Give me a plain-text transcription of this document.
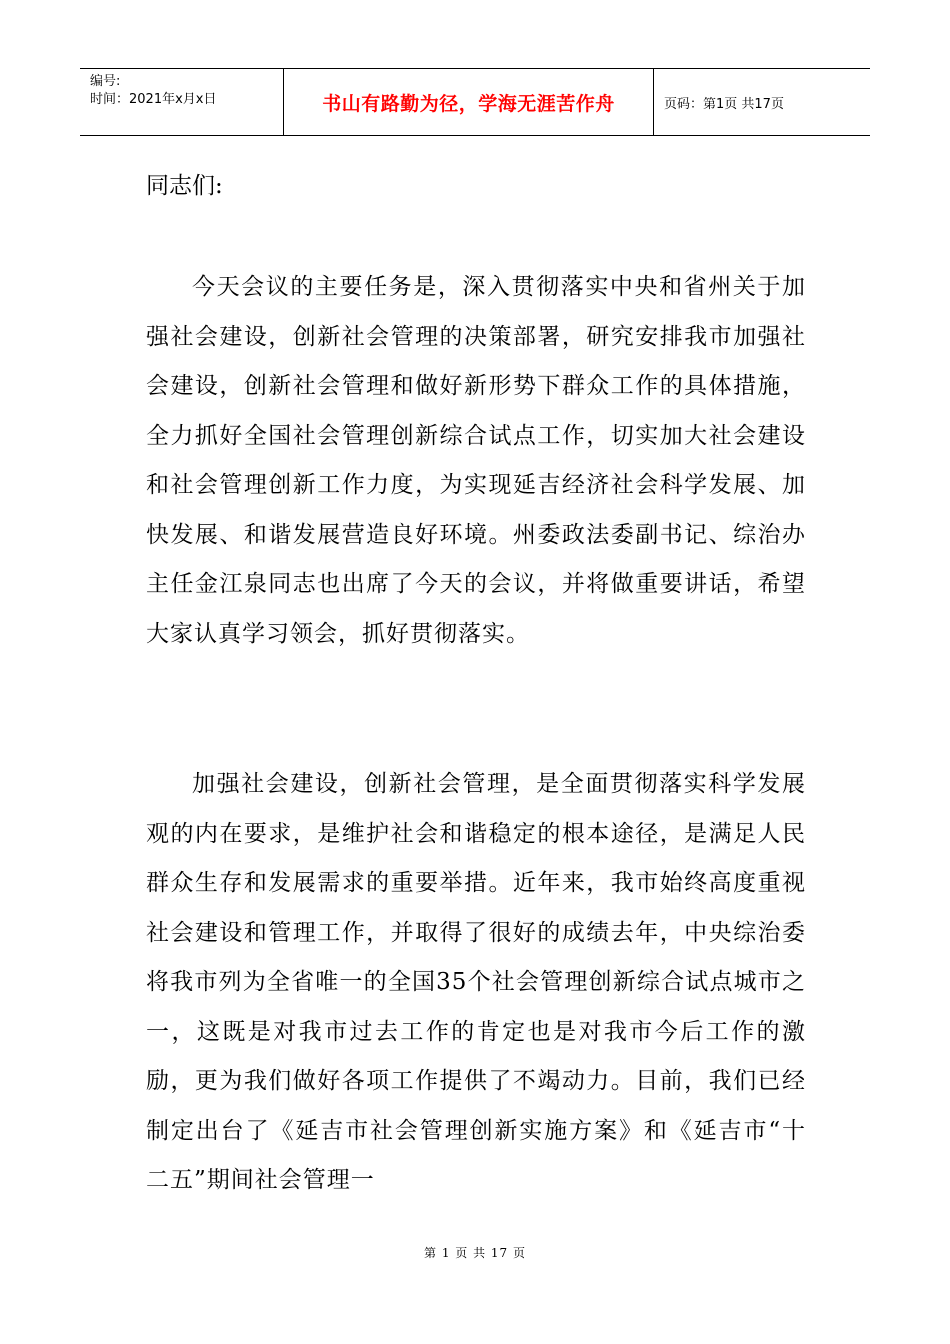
编号:
时间：2021年x月x日	书山有路勤为径，学海无涯苦作舟	页码：第1页 共17页

同志们:

今天会议的主要任务是，深入贯彻落实中央和省州关于加强社会建设，创新社会管理的决策部署，研究安排我市加强社会建设，创新社会管理和做好新形势下群众工作的具体措施，全力抓好全国社会管理创新综合试点工作，切实加大社会建设和社会管理创新工作力度，为实现延吉经济社会科学发展、加快发展、和谐发展营造良好环境。州委政法委副书记、综治办主任金江泉同志也出席了今天的会议，并将做重要讲话，希望大家认真学习领会，抓好贯彻落实。

加强社会建设，创新社会管理，是全面贯彻落实科学发展观的内在要求，是维护社会和谐稳定的根本途径，是满足人民群众生存和发展需求的重要举措。近年来，我市始终高度重视社会建设和管理工作，并取得了很好的成绩去年，中央综治委将我市列为全省唯一的全国35个社会管理创新综合试点城市之一，这既是对我市过去工作的肯定也是对我市今后工作的激励，更为我们做好各项工作提供了不竭动力。目前，我们已经制定出台了《延吉市社会管理创新实施方案》和《延吉市“十二五”期间社会管理一

第 1 页 共 17 页
